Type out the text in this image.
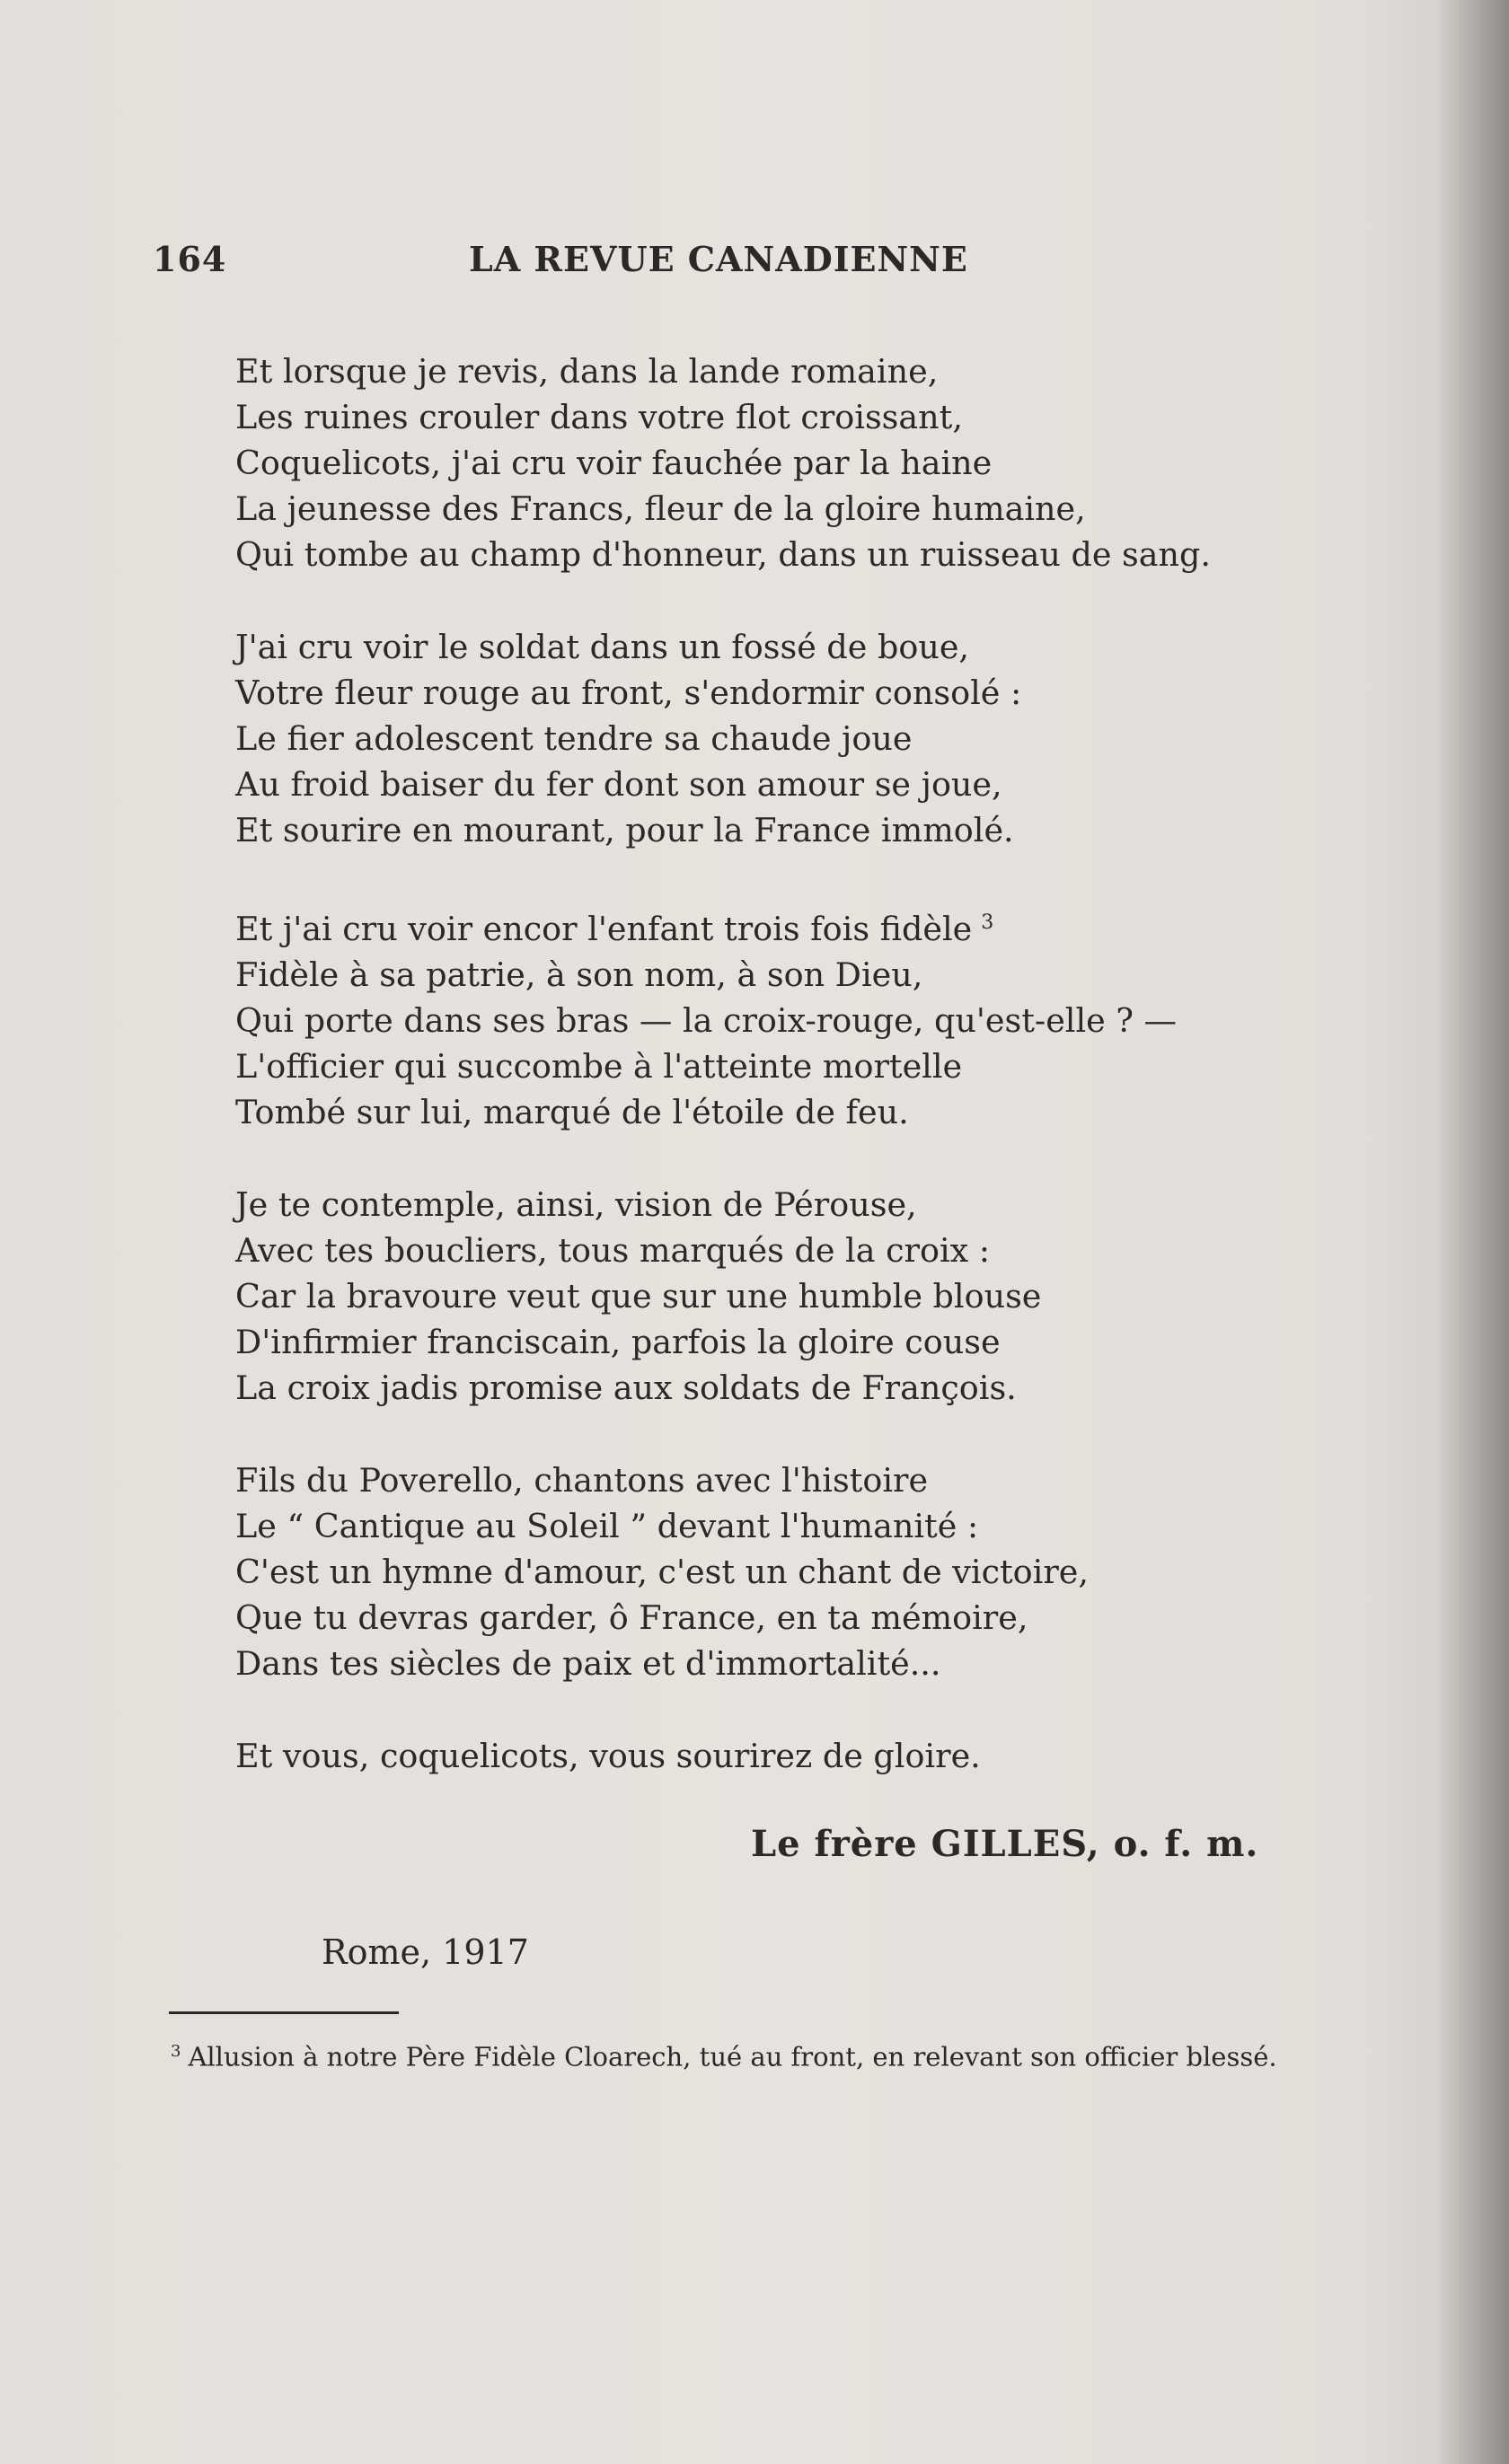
164	LA REVUE CANADIENNE
Et lorsque je revis, dans la lande romaine,
Les ruines crouler dans votre flot croissant,
Coquelicots, j'ai cru voir fauchée par la haine
La jeunesse des Francs, fleur de la gloire humaine,
Qui tombe au champ d'honneur, dans un ruisseau de sang.
J'ai cru voir le soldat dans un fossé de boue,
Votre fleur rouge au front, s'endormir consolé :
Le fier adolescent tendre sa chaude joue
Au froid baiser du fer dont son amour se joue,
Et sourire en mourant, pour la France immolé.
Et j'ai cru voir encor l'enfant trois fois fidèle $^3$
Fidèle à sa patrie, à son nom, à son Dieu,
Qui porte dans ses bras — la croix-rouge, qu'est-elle ? —
L'officier qui succombe à l'atteinte mortelle
Tombé sur lui, marqué de l'étoile de feu.
Je te contemple, ainsi, vision de Pérouse,
Avec tes boucliers, tous marqués de la croix :
Car la bravoure veut que sur une humble blouse
D'infirmier franciscain, parfois la gloire couse
La croix jadis promise aux soldats de François.
Fils du Poverello, chantons avec l'histoire
Le “ Cantique au Soleil ” devant l'humanité :
C'est un hymne d'amour, c'est un chant de victoire,
Que tu devras garder, ô France, en ta mémoire,
Dans tes siècles de paix et d'immortalité...
Et vous, coquelicots, vous sourirez de gloire.
Le frère GILLES, o. f. m.
Rome, 1917
$^3$ Allusion à notre Père Fidèle Cloarech, tué au front, en relevant son officier blessé.
